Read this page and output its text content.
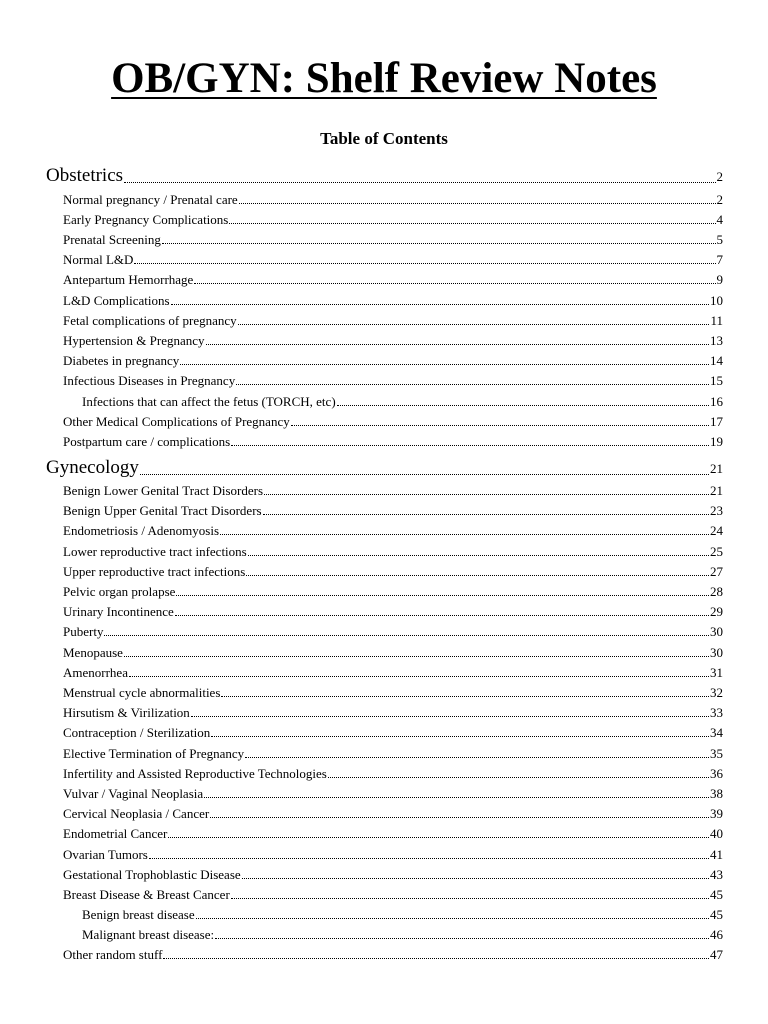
OB/GYN: Shelf Review Notes
Table of Contents
Obstetrics	2
Normal pregnancy / Prenatal care	2
Early Pregnancy Complications	4
Prenatal Screening	5
Normal L&D	7
Antepartum Hemorrhage	9
L&D Complications	10
Fetal complications of pregnancy	11
Hypertension & Pregnancy	13
Diabetes in pregnancy	14
Infectious Diseases in Pregnancy	15
Infections that can affect the fetus (TORCH, etc)	16
Other Medical Complications of Pregnancy	17
Postpartum care / complications	19
Gynecology	21
Benign Lower Genital Tract Disorders	21
Benign Upper Genital Tract Disorders	23
Endometriosis / Adenomyosis	24
Lower reproductive tract infections	25
Upper reproductive tract infections	27
Pelvic organ prolapse	28
Urinary Incontinence	29
Puberty	30
Menopause	30
Amenorrhea	31
Menstrual cycle abnormalities	32
Hirsutism & Virilization	33
Contraception / Sterilization	34
Elective Termination of Pregnancy	35
Infertility and Assisted Reproductive Technologies	36
Vulvar / Vaginal Neoplasia	38
Cervical Neoplasia / Cancer	39
Endometrial Cancer	40
Ovarian Tumors	41
Gestational Trophoblastic Disease	43
Breast Disease & Breast Cancer	45
Benign breast disease	45
Malignant breast disease:	46
Other random stuff	47
